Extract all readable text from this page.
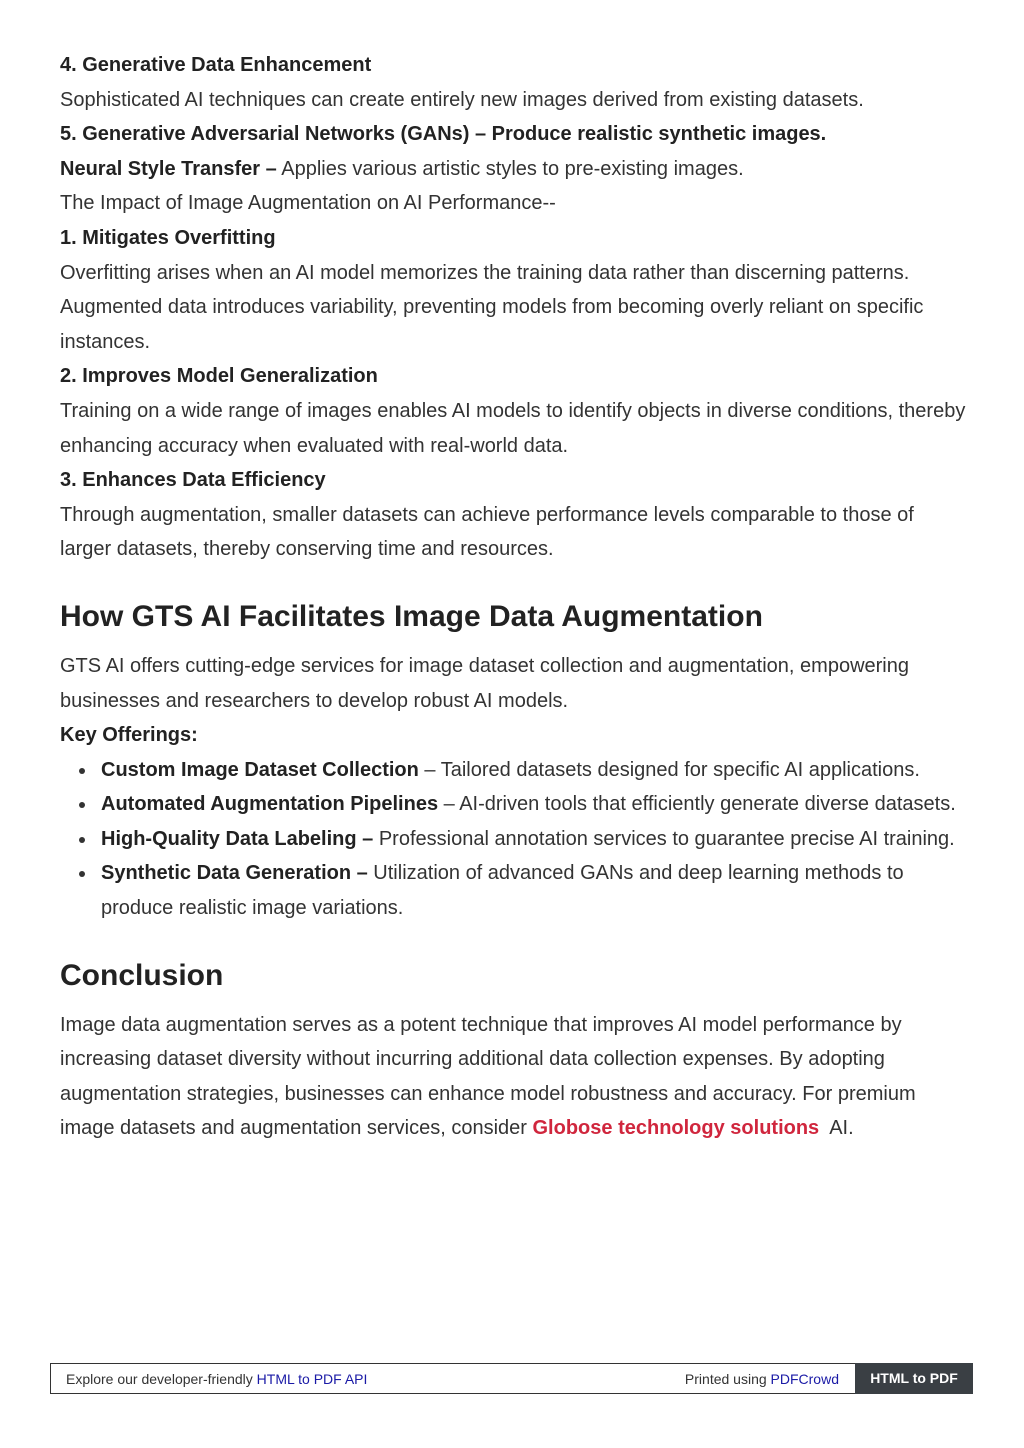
4. Generative Data Enhancement

Sophisticated AI techniques can create entirely new images derived from existing datasets.

5. Generative Adversarial Networks (GANs) – Produce realistic synthetic images.

Neural Style Transfer – Applies various artistic styles to pre-existing images.

The Impact of Image Augmentation on AI Performance--

1. Mitigates Overfitting

Overfitting arises when an AI model memorizes the training data rather than discerning patterns. Augmented data introduces variability, preventing models from becoming overly reliant on specific instances.

2. Improves Model Generalization

Training on a wide range of images enables AI models to identify objects in diverse conditions, thereby enhancing accuracy when evaluated with real-world data.

3. Enhances Data Efficiency

Through augmentation, smaller datasets can achieve performance levels comparable to those of larger datasets, thereby conserving time and resources.

How GTS AI Facilitates Image Data Augmentation

GTS AI offers cutting-edge services for image dataset collection and augmentation, empowering businesses and researchers to develop robust AI models.

Key Offerings:

Custom Image Dataset Collection – Tailored datasets designed for specific AI applications.
Automated Augmentation Pipelines – AI-driven tools that efficiently generate diverse datasets.
High-Quality Data Labeling – Professional annotation services to guarantee precise AI training.
Synthetic Data Generation – Utilization of advanced GANs and deep learning methods to produce realistic image variations.
Conclusion

Image data augmentation serves as a potent technique that improves AI model performance by increasing dataset diversity without incurring additional data collection expenses. By adopting augmentation strategies, businesses can enhance model robustness and accuracy. For premium image datasets and augmentation services, consider Globose technology solutions  AI.

Explore our developer-friendly HTML to PDF API	Printed using PDFCrowd	HTML to PDF
